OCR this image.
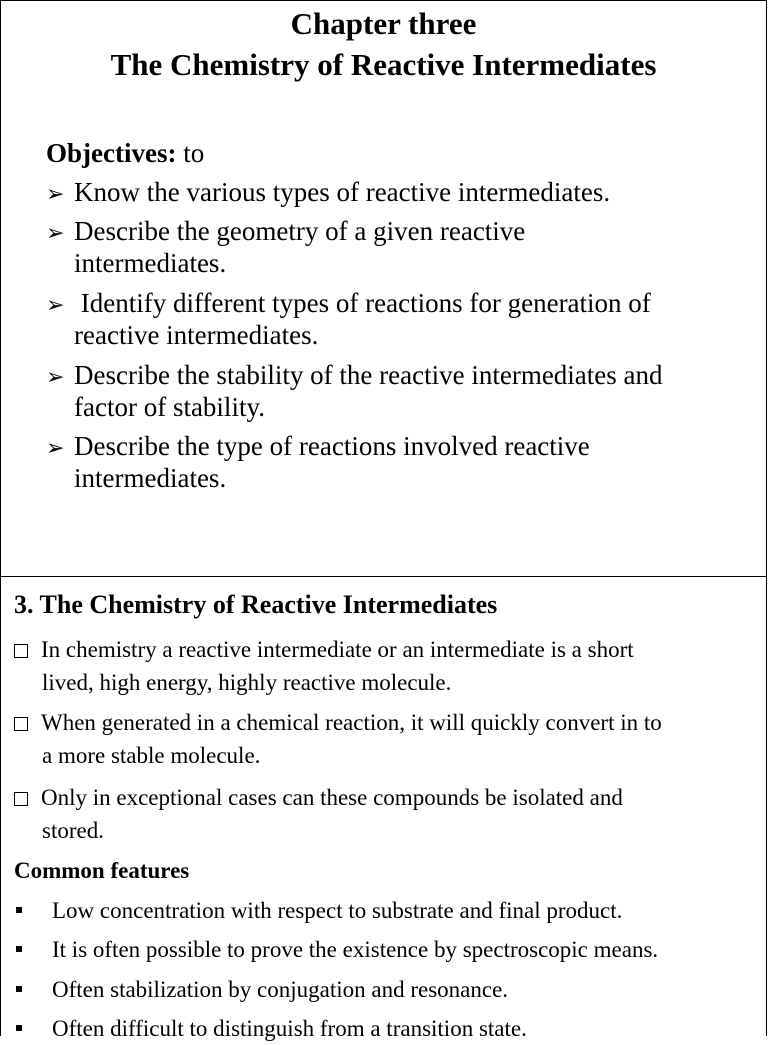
Chapter three
The Chemistry of Reactive Intermediates
Objectives: to
➢ Know the various types of reactive intermediates.
➢ Describe the geometry of a given reactive
intermediates.
➢ Identify different types of reactions for generation of
reactive intermediates.
➢ Describe the stability of the reactive intermediates and
factor of stability.
➢ Describe the type of reactions involved reactive
intermediates.
3. The Chemistry of Reactive Intermediates
In chemistry a reactive intermediate or an intermediate is a short
lived, high energy, highly reactive molecule.
When generated in a chemical reaction, it will quickly convert in to
a more stable molecule.
Only in exceptional cases can these compounds be isolated and
stored.
Common features
Low concentration with respect to substrate and final product.
It is often possible to prove the existence by spectroscopic means.
Often stabilization by conjugation and resonance.
Often difficult to distinguish from a transition state.
